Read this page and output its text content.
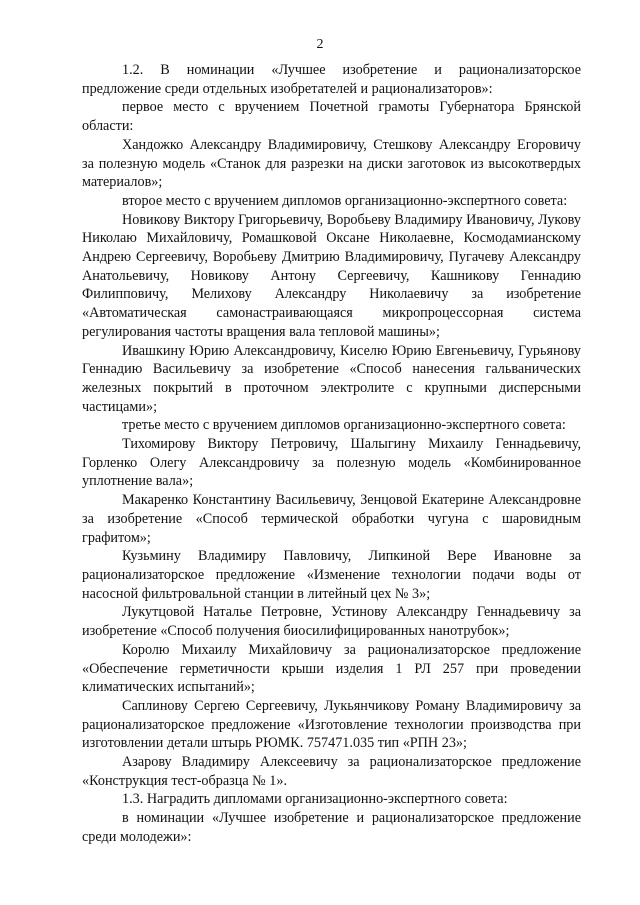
2

1.2. В номинации «Лучшее изобретение и рационализаторское предложение среди отдельных изобретателей и рационализаторов»:

первое место с вручением Почетной грамоты Губернатора Брянской области:

Хандожко Александру Владимировичу, Стешкову Александру Егоровичу за полезную модель «Станок для разрезки на диски заготовок из высокотвердых материалов»;

второе место с вручением дипломов организационно-экспертного совета:

Новикову Виктору Григорьевичу, Воробьеву Владимиру Ивановичу, Лукову Николаю Михайловичу, Ромашковой Оксане Николаевне, Космодамианскому Андрею Сергеевичу, Воробьеву Дмитрию Владимировичу, Пугачеву Александру Анатольевичу, Новикову Антону Сергеевичу, Кашникову Геннадию Филипповичу, Мелихову Александру Николаевичу за изобретение «Автоматическая самонастраивающаяся микропроцессорная система регулирования частоты вращения вала тепловой машины»;

Ивашкину Юрию Александровичу, Киселю Юрию Евгеньевичу, Гурьянову Геннадию Васильевичу за изобретение «Способ нанесения гальванических железных покрытий в проточном электролите с крупными дисперсными частицами»;

третье место с вручением дипломов организационно-экспертного совета:

Тихомирову Виктору Петровичу, Шалыгину Михаилу Геннадьевичу, Горленко Олегу Александровичу за полезную модель «Комбинированное уплотнение вала»;

Макаренко Константину Васильевичу, Зенцовой Екатерине Александровне за изобретение «Способ термической обработки чугуна с шаровидным графитом»;

Кузьмину Владимиру Павловичу, Липкиной Вере Ивановне за рационализаторское предложение «Изменение технологии подачи воды от насосной фильтровальной станции в литейный цех № 3»;

Лукутцовой Наталье Петровне, Устинову Александру Геннадьевичу за изобретение «Способ получения биосилифицированных нанотрубок»;

Королю Михаилу Михайловичу за рационализаторское предложение «Обеспечение герметичности крыши изделия 1 РЛ 257 при проведении климатических испытаний»;

Саплинову Сергею Сергеевичу, Лукьянчикову Роману Владимировичу за рационализаторское предложение «Изготовление технологии производства при изготовлении детали штырь РЮМК. 757471.035 тип «РПН 23»;

Азарову Владимиру Алексеевичу за рационализаторское предложение «Конструкция тест-образца № 1».

1.3. Наградить дипломами организационно-экспертного совета:

в номинации «Лучшее изобретение и рационализаторское предложение среди молодежи»:
